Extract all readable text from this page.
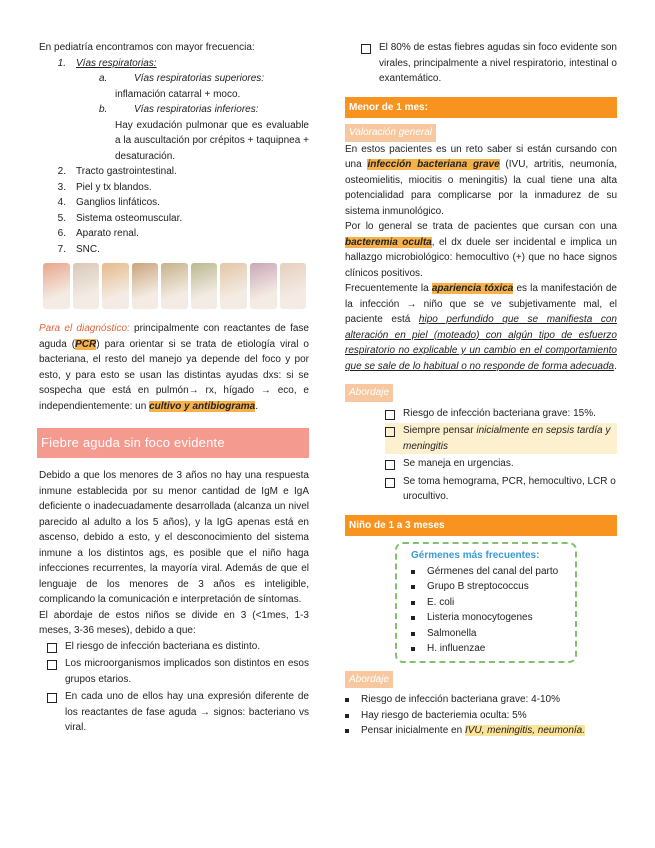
En pediatría encontramos con mayor frecuencia:

1.	Vías respiratorias:
a.	Vías respiratorias superiores:

inflamación catarral + moco.

b.	Vías respiratorias inferiores:

Hay exudación pulmonar que es evaluable a la auscultación por crépitos + taquipnea + desaturación.

2.	Tracto gastrointestinal.
3.	Piel y tx blandos.
4.	Ganglios linfáticos.
5.	Sistema osteomuscular.
6.	Aparato renal.
7.	SNC.

Para el diagnóstico: principalmente con reactantes de fase aguda (PCR) para orientar si se trata de etiología viral o bacteriana, el resto del manejo ya depende del foco y por esto, y para esto se usan las distintas ayudas dxs: si se sospecha que está en pulmón→ rx, hígado → eco, e independientemente: un cultivo y antibiograma.

Fiebre aguda sin foco evidente

Debido a que los menores de 3 años no hay una respuesta inmune establecida por su menor cantidad de IgM e IgA deficiente o inadecuadamente desarrollada (alcanza un nivel parecido al adulto a los 5 años), y la IgG apenas está en ascenso, debido a esto, y el desconocimiento del sistema inmune a los distintos ags, es posible que el niño haga infecciones recurrentes, la mayoría viral. Además de que el lenguaje de los menores de 3 años es inteligible, complicando la comunicación e interpretación de síntomas.

El abordaje de estos niños se divide en 3 (<1mes, 1-3 meses, 3-36 meses), debido a que:

El riesgo de infección bacteriana es distinto.
Los microorganismos implicados son distintos en esos grupos etarios.
En cada uno de ellos hay una expresión diferente de los reactantes de fase aguda → signos: bacteriano vs viral.
El 80% de estas fiebres agudas sin foco evidente son virales, principalmente a nivel respiratorio, intestinal o exantemático.
Menor de 1 mes:
Valoración general

En estos pacientes es un reto saber si están cursando con una infección bacteriana grave (IVU, artritis, neumonía, osteomielitis, miocitis o meningitis) la cual tiene una alta potencialidad para complicarse por la inmadurez de su sistema inmunológico.

Por lo general se trata de pacientes que cursan con una bacteremia oculta, el dx duele ser incidental e implica un hallazgo microbiológico: hemocultivo (+) que no hace signos clínicos positivos.

Frecuentemente la apariencia tóxica es la manifestación de la infección → niño que se ve subjetivamente mal, el paciente está hipo perfundido que se manifiesta con alteración en piel (moteado) con algún tipo de esfuerzo respiratorio no explicable y un cambio en el comportamiento que se sale de lo habitual o no responde de forma adecuada.

Abordaje
Riesgo de infección bacteriana grave: 15%.
Siempre pensar inicialmente en sepsis tardía y meningitis
Se maneja en urgencias.
Se toma hemograma, PCR, hemocultivo, LCR o urocultivo.
Niño de 1 a 3 meses
Gérmenes más frecuentes:
Gérmenes del canal del parto
Grupo B streptococcus
E. coli
Listeria monocytogenes
Salmonella
H. influenzae
Abordaje
Riesgo de infección bacteriana grave: 4-10%
Hay riesgo de bacteriemia oculta: 5%
Pensar inicialmente en IVU, meningitis, neumonía.
